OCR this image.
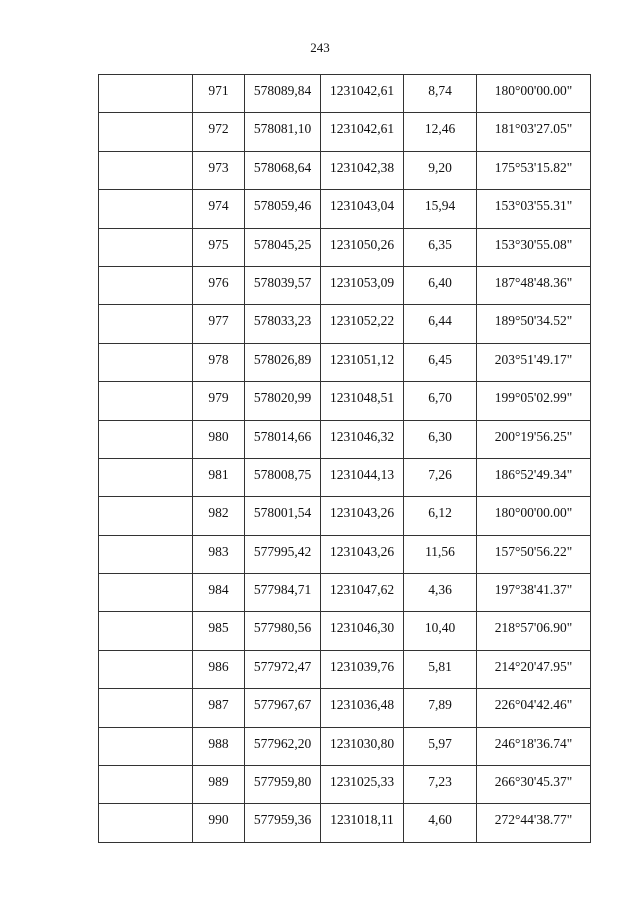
243

	971	578089,84	1231042,61	8,74	180°00'00.00"

	972	578081,10	1231042,61	12,46	181°03'27.05"

	973	578068,64	1231042,38	9,20	175°53'15.82"

	974	578059,46	1231043,04	15,94	153°03'55.31"

	975	578045,25	1231050,26	6,35	153°30'55.08"

	976	578039,57	1231053,09	6,40	187°48'48.36"

	977	578033,23	1231052,22	6,44	189°50'34.52"

	978	578026,89	1231051,12	6,45	203°51'49.17"

	979	578020,99	1231048,51	6,70	199°05'02.99"

	980	578014,66	1231046,32	6,30	200°19'56.25"

	981	578008,75	1231044,13	7,26	186°52'49.34"

	982	578001,54	1231043,26	6,12	180°00'00.00"

	983	577995,42	1231043,26	11,56	157°50'56.22"

	984	577984,71	1231047,62	4,36	197°38'41.37"

	985	577980,56	1231046,30	10,40	218°57'06.90"

	986	577972,47	1231039,76	5,81	214°20'47.95"

	987	577967,67	1231036,48	7,89	226°04'42.46"

	988	577962,20	1231030,80	5,97	246°18'36.74"

	989	577959,80	1231025,33	7,23	266°30'45.37"

	990	577959,36	1231018,11	4,60	272°44'38.77"
